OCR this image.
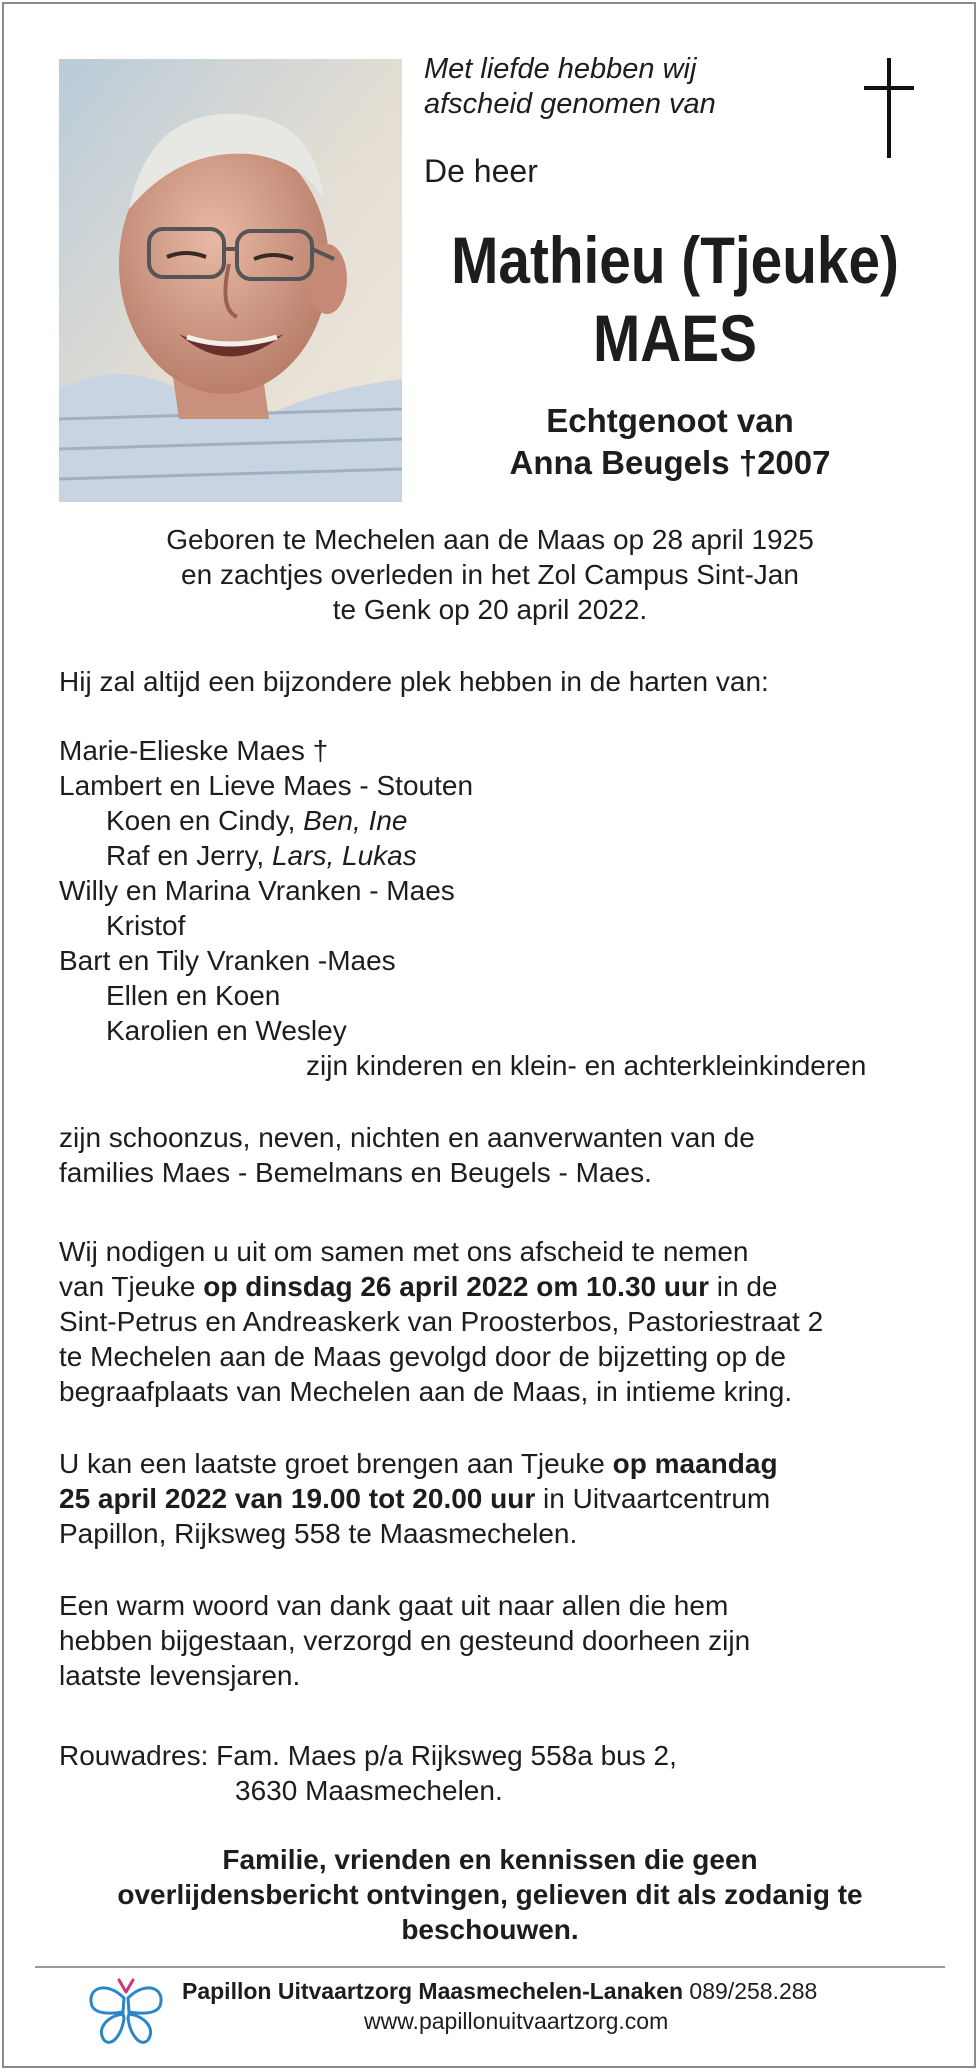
Met liefde hebben wij
afscheid genomen van
De heer
Mathieu (Tjeuke)
MAES
Echtgenoot van
Anna Beugels †2007
Geboren te Mechelen aan de Maas op 28 april 1925
en zachtjes overleden in het Zol Campus Sint-Jan
te Genk op 20 april 2022.
Hij zal altijd een bijzondere plek hebben in de harten van:
Marie-Elieske Maes †
Lambert en Lieve Maes - Stouten
Koen en Cindy, Ben, Ine
Raf en Jerry, Lars, Lukas
Willy en Marina Vranken - Maes
Kristof
Bart en Tily Vranken -Maes
Ellen en Koen
Karolien en Wesley
zijn kinderen en klein- en achterkleinkinderen
zijn schoonzus, neven, nichten en aanverwanten van de
families Maes - Bemelmans en Beugels - Maes.
Wij nodigen u uit om samen met ons afscheid te nemen
van Tjeuke op dinsdag 26 april 2022 om 10.30 uur in de
Sint-Petrus en Andreaskerk van Proosterbos, Pastoriestraat 2
te Mechelen aan de Maas gevolgd door de bijzetting op de
begraafplaats van Mechelen aan de Maas, in intieme kring.
U kan een laatste groet brengen aan Tjeuke op maandag
25 april 2022 van 19.00 tot 20.00 uur in Uitvaartcentrum
Papillon, Rijksweg 558 te Maasmechelen.
Een warm woord van dank gaat uit naar allen die hem
hebben bijgestaan, verzorgd en gesteund doorheen zijn
laatste levensjaren.
Rouwadres: Fam. Maes p/a Rijksweg 558a bus 2,
3630 Maasmechelen.
Familie, vrienden en kennissen die geen
overlijdensbericht ontvingen, gelieven dit als zodanig te
beschouwen.
Papillon Uitvaartzorg Maasmechelen-Lanaken 089/258.288
www.papillonuitvaartzorg.com
